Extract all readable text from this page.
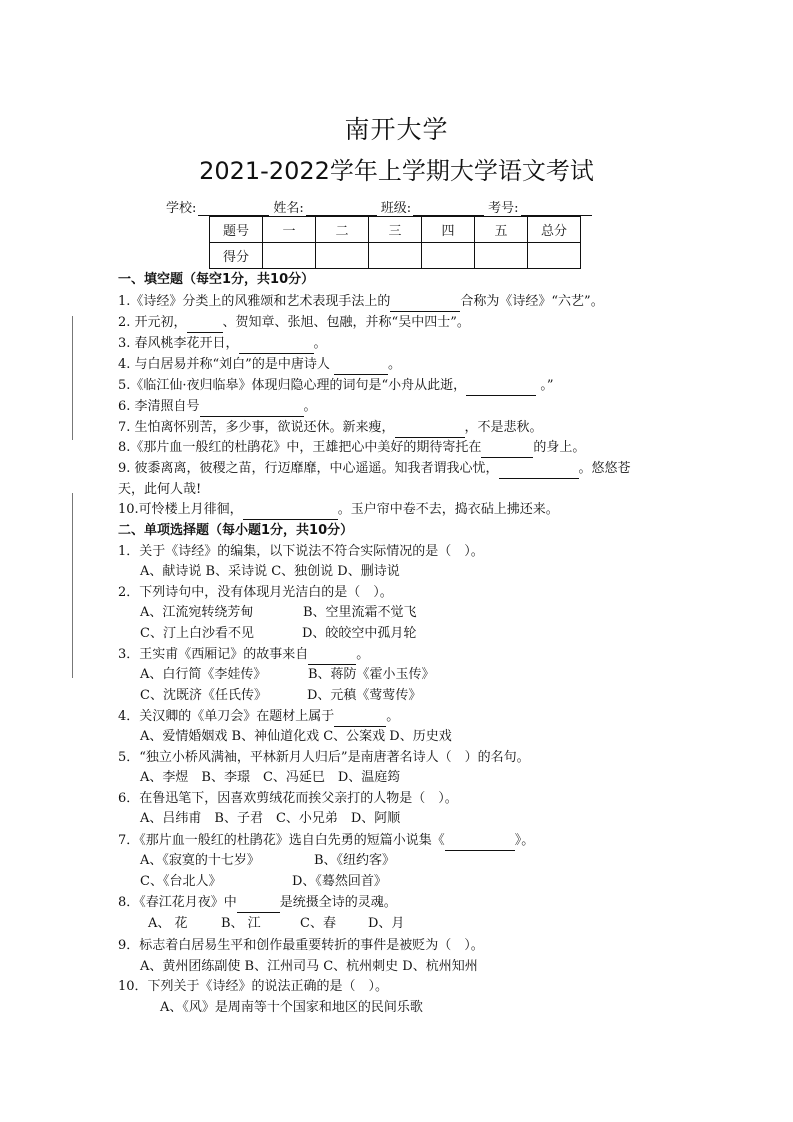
南开大学
2021-2022学年上学期大学语文考试
学校:	姓名:	班级:	考号:
题号	一	二	三	四	五	总分
得分						
一、填空题（每空1分，共10分）
1.《诗经》分类上的风雅颂和艺术表现手法上的	合称为《诗经》“六艺”。
2. 开元初，	、贺知章、张旭、包融，并称“吴中四士”。
3. 春风桃李花开日，	。
4. 与白居易并称“刘白”的是中唐诗人	。
5.《临江仙·夜归临皋》体现归隐心理的词句是“小舟从此逝，	。”
6. 李清照自号	。
7. 生怕离怀别苦，多少事，欲说还休。新来瘦，	，不是悲秋。
8.《那片血一般红的杜鹃花》中，王雄把心中美好的期待寄托在	的身上。
9. 彼黍离离，彼稷之苗，行迈靡靡，中心遥遥。知我者谓我心忧，	。悠悠苍
天，此何人哉!
10.可怜楼上月徘徊，	。玉户帘中卷不去，捣衣砧上拂还来。
二、单项选择题（每小题1分，共10分）
1．关于《诗经》的编集，以下说法不符合实际情况的是（　）。
A、献诗说 B、采诗说 C、独创说 D、删诗说
2．下列诗句中，没有体现月光洁白的是（　）。
A、江流宛转绕芳甸	B、空里流霜不觉飞
C、汀上白沙看不见	D、皎皎空中孤月轮
3．王实甫《西厢记》的故事来自	。
A、白行简《李娃传》	B、蒋防《霍小玉传》
C、沈既济《任氏传》	D、元稹《莺莺传》
4．关汉卿的《单刀会》在题材上属于	。
A、爱情婚姻戏 B、神仙道化戏 C、公案戏 D、历史戏
5．“独立小桥风满袖，平林新月人归后”是南唐著名诗人（　）的名句。
A、李煜　B、李璟　C、冯延巳　D、温庭筠
6．在鲁迅笔下，因喜欢剪绒花而挨父亲打的人物是（　）。
A、吕纬甫　B、子君　C、小兄弟　D、阿顺
7．《那片血一般红的杜鹃花》选自白先勇的短篇小说集《	》。
A、《寂寞的十七岁》	B、《纽约客》
C、《台北人》	D、《蓦然回首》
8．《春江花月夜》中	是统摄全诗的灵魂。
A、 花	B、 江	C、春 D、月
9．标志着白居易生平和创作最重要转折的事件是被贬为（　）。
A、黄州团练副使 B、江州司马 C、杭州刺史 D、杭州知州
10．下列关于《诗经》的说法正确的是（　）。
A、《风》是周南等十个国家和地区的民间乐歌
